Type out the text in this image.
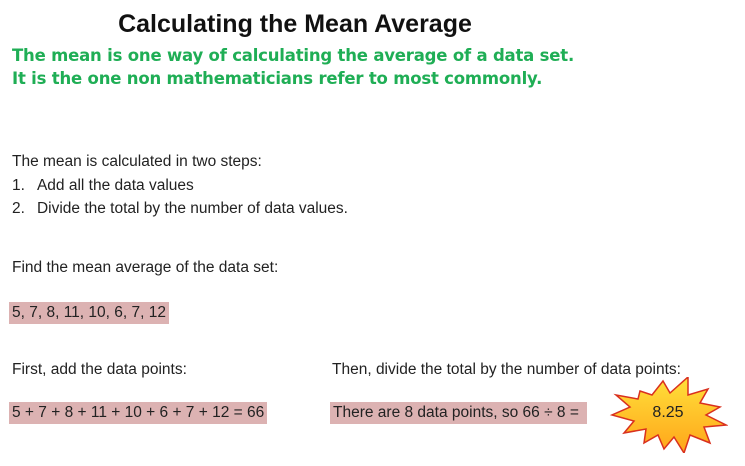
Calculating the Mean Average
The mean is one way of calculating the average of a data set.
It is the one non mathematicians refer to most commonly.
The mean is calculated in two steps:
1. Add all the data values
2. Divide the total by the number of data values.
Find the mean average of the data set:
5, 7, 8, 11, 10, 6, 7, 12
First, add the data points:
5 + 7 + 8 + 11 + 10 + 6 + 7 + 12 = 66
Then, divide the total by the number of data points:
There are 8 data points, so 66 ÷ 8 =	8.25
